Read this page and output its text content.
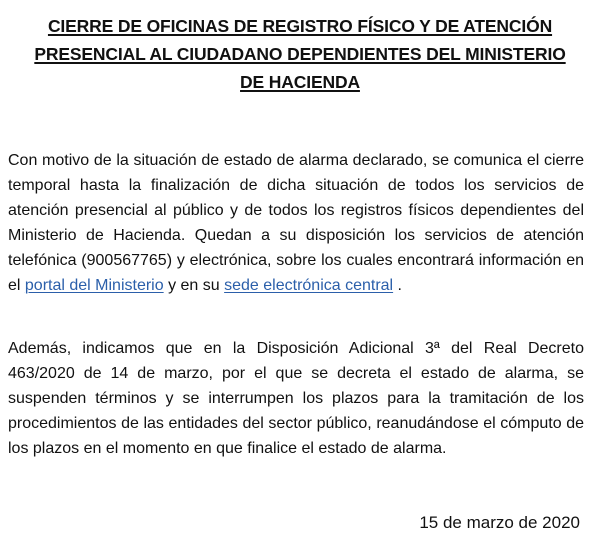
CIERRE DE OFICINAS DE REGISTRO FÍSICO Y DE ATENCIÓN PRESENCIAL AL CIUDADANO DEPENDIENTES DEL MINISTERIO DE HACIENDA

Con motivo de la situación de estado de alarma declarado, se comunica el cierre temporal hasta la finalización de dicha situación de todos los servicios de atención presencial al público y de todos los registros físicos dependientes del Ministerio de Hacienda. Quedan a su disposición los servicios de atención telefónica (900567765) y electrónica, sobre los cuales encontrará información en el portal del Ministerio y en su sede electrónica central .

Además, indicamos que en la Disposición Adicional 3ª del Real Decreto 463/2020 de 14 de marzo, por el que se decreta el estado de alarma, se suspenden términos y se interrumpen los plazos para la tramitación de los procedimientos de las entidades del sector público, reanudándose el cómputo de los plazos en el momento en que finalice el estado de alarma.

15 de marzo de 2020
